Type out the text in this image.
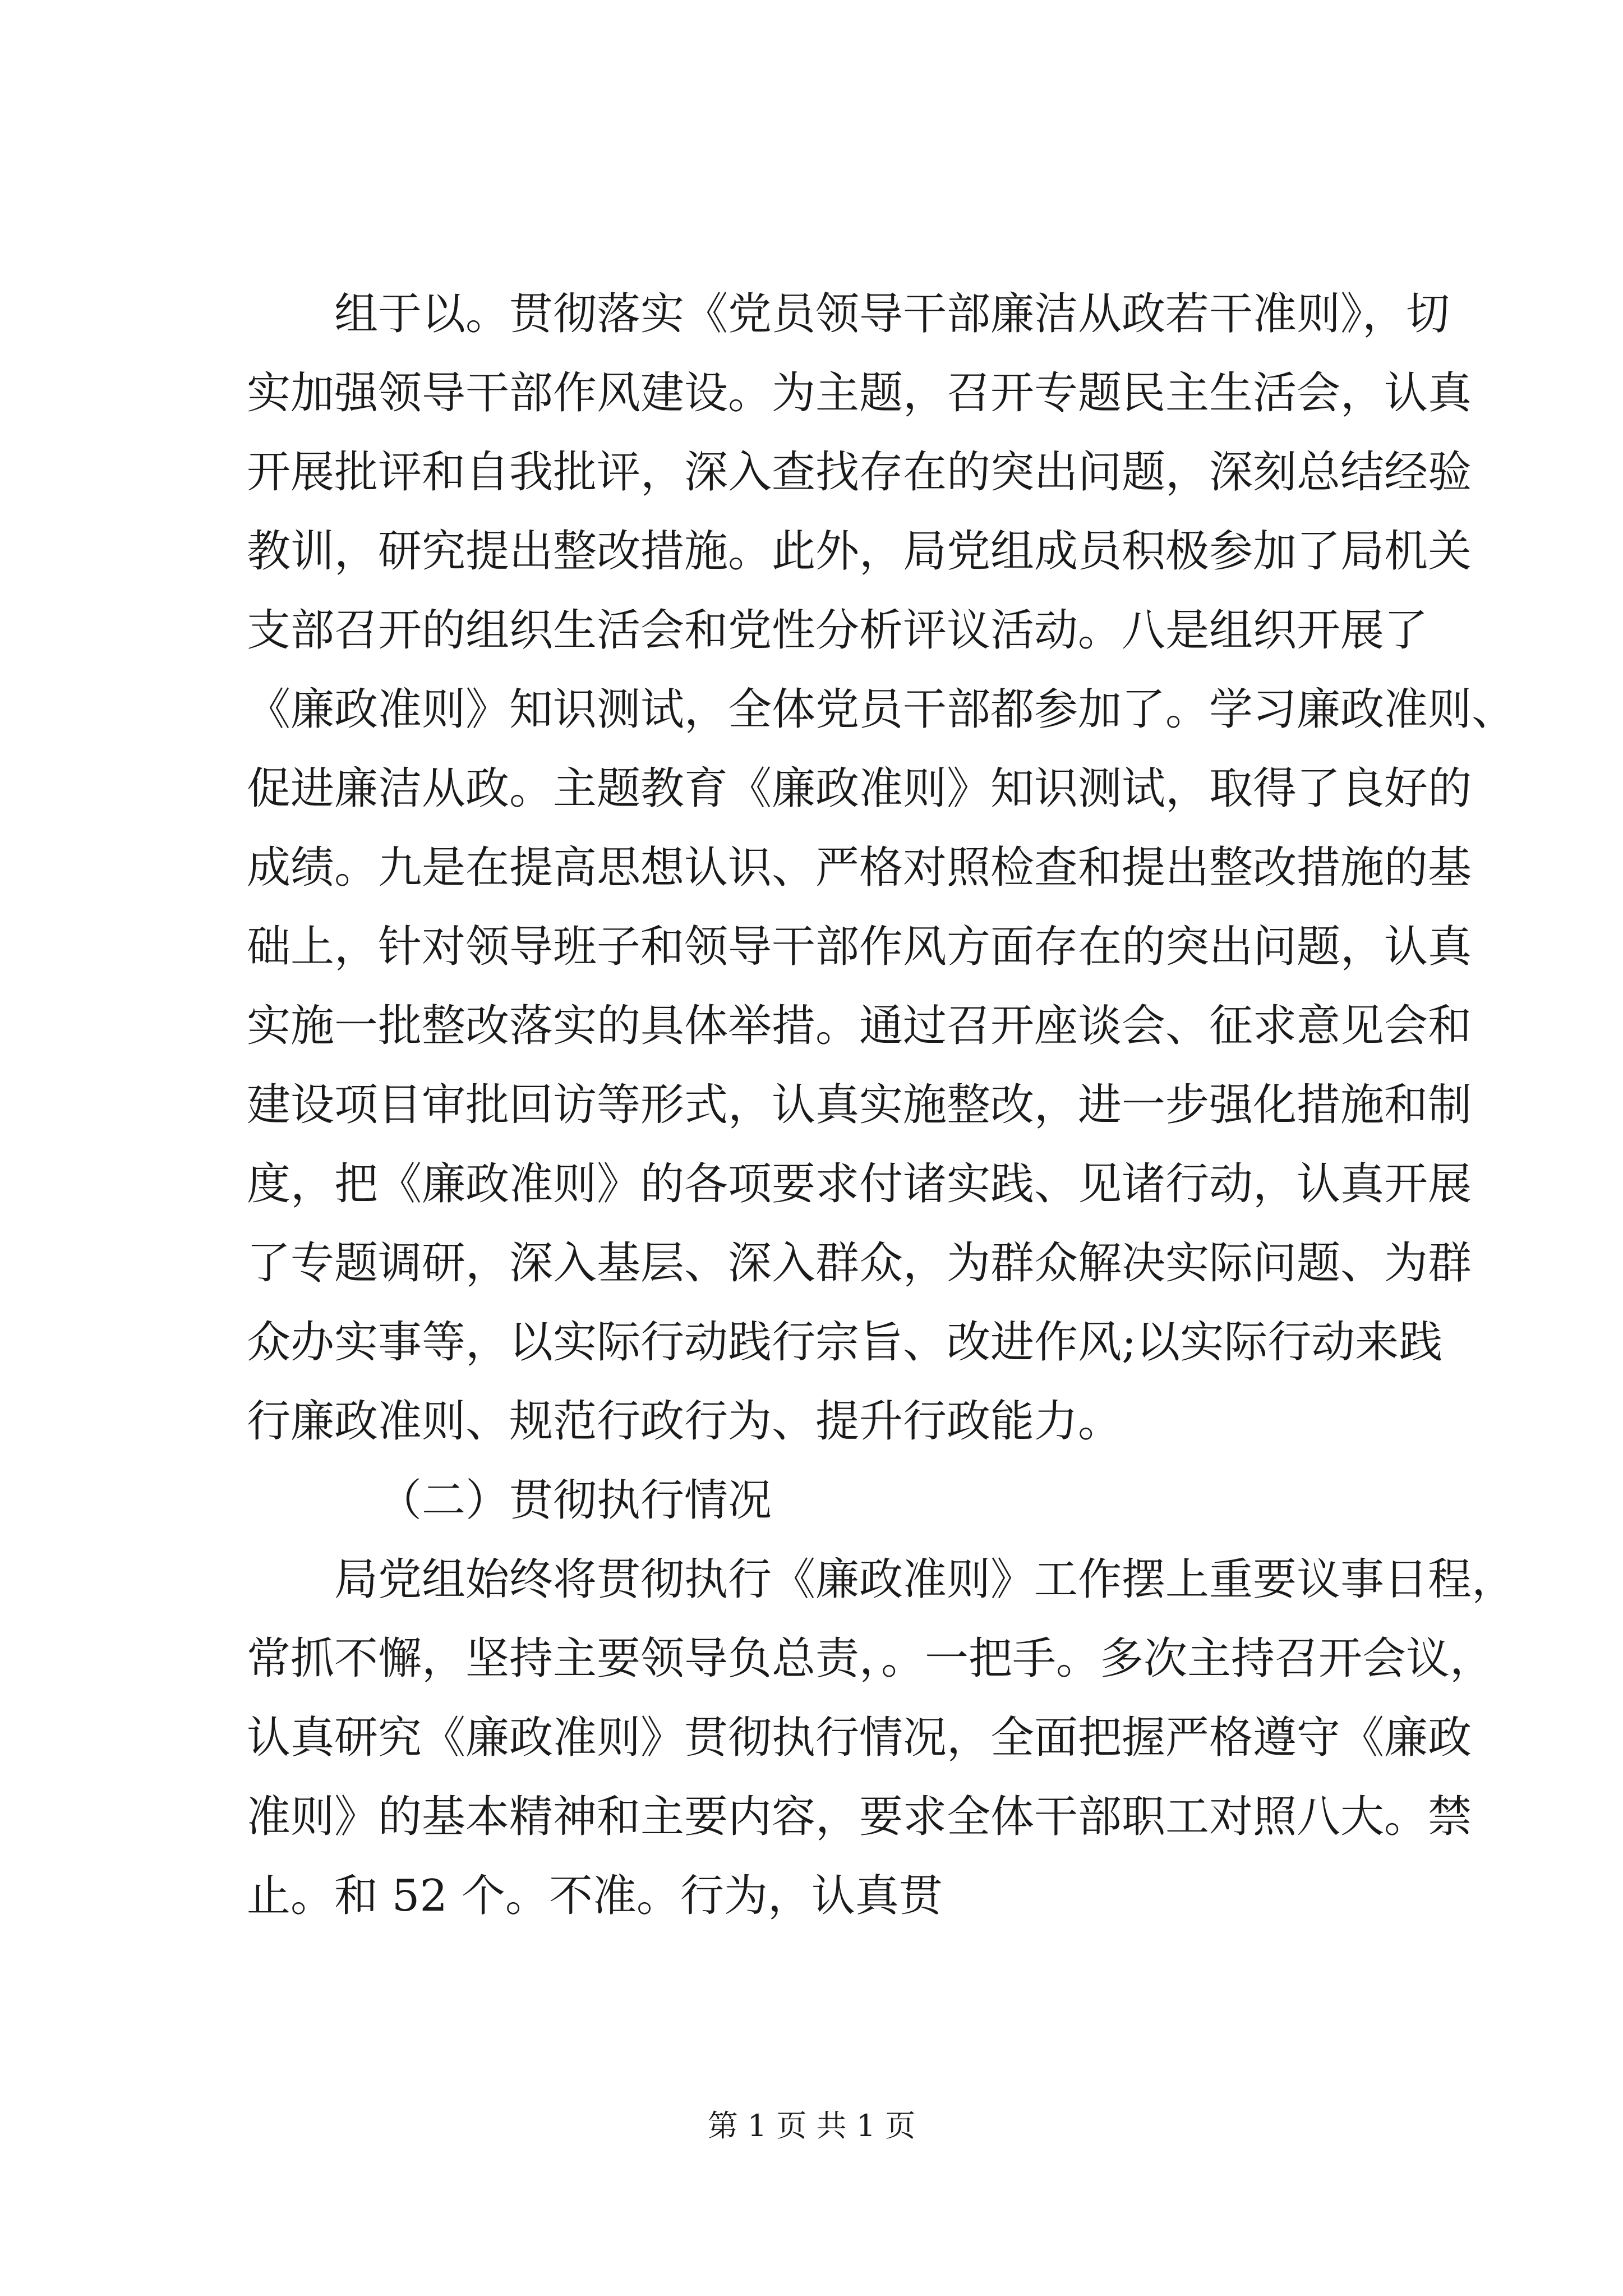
组于以。贯彻落实《党员领导干部廉洁从政若干准则》，切
实加强领导干部作风建设。为主题，召开专题民主生活会，认真
开展批评和自我批评，深入查找存在的突出问题，深刻总结经验
教训，研究提出整改措施。此外，局党组成员积极参加了局机关
支部召开的组织生活会和党性分析评议活动。八是组织开展了
《廉政准则》知识测试，全体党员干部都参加了。学习廉政准则、
促进廉洁从政。主题教育《廉政准则》知识测试，取得了良好的
成绩。九是在提高思想认识、严格对照检查和提出整改措施的基
础上，针对领导班子和领导干部作风方面存在的突出问题，认真
实施一批整改落实的具体举措。通过召开座谈会、征求意见会和
建设项目审批回访等形式，认真实施整改，进一步强化措施和制
度，把《廉政准则》的各项要求付诸实践、见诸行动，认真开展
了专题调研，深入基层、深入群众，为群众解决实际问题、为群
众办实事等，以实际行动践行宗旨、改进作风;以实际行动来践
行廉政准则、规范行政行为、提升行政能力。
（二）贯彻执行情况
局党组始终将贯彻执行《廉政准则》工作摆上重要议事日程，
常抓不懈，坚持主要领导负总责，。一把手。多次主持召开会议，
认真研究《廉政准则》贯彻执行情况，全面把握严格遵守《廉政
准则》的基本精神和主要内容，要求全体干部职工对照八大。禁
止。和 52 个。不准。行为，认真贯
第 1 页 共 1 页
